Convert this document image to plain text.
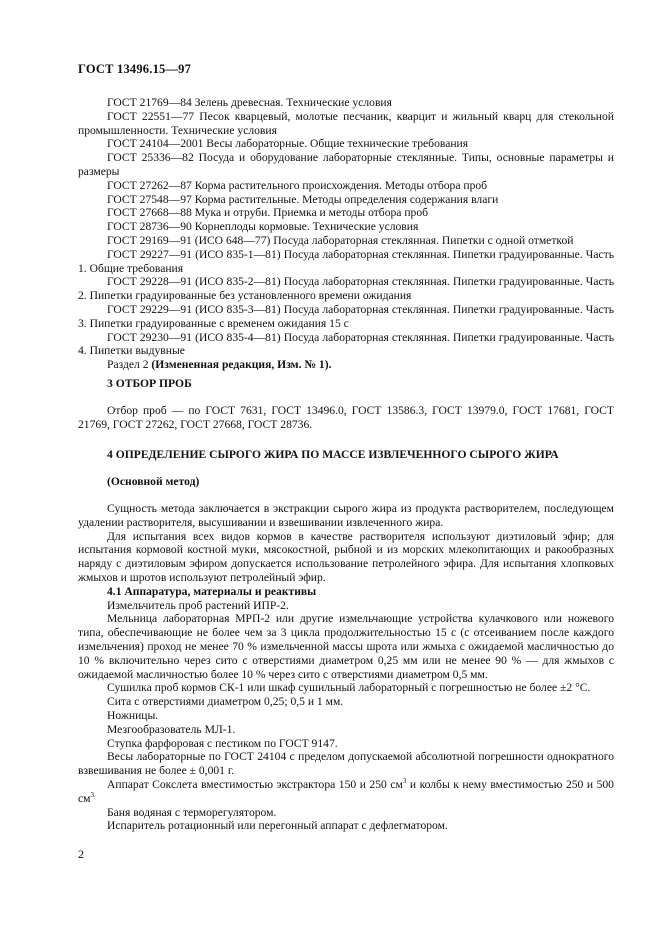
ГОСТ 13496.15—97

ГОСТ 21769—84 Зелень древесная. Технические условия

ГОСТ 22551—77 Песок кварцевый, молотые песчаник, кварцит и жильный кварц для стекольной промышленности. Технические условия

ГОСТ 24104—2001 Весы лабораторные. Общие технические требования

ГОСТ 25336—82 Посуда и оборудование лабораторные стеклянные. Типы, основные параметры и размеры

ГОСТ 27262—87 Корма растительного происхождения. Методы отбора проб

ГОСТ 27548—97 Корма растительные. Методы определения содержания влаги

ГОСТ 27668—88 Мука и отруби. Приемка и методы отбора проб

ГОСТ 28736—90 Корнеплоды кормовые. Технические условия

ГОСТ 29169—91 (ИСО 648—77) Посуда лабораторная стеклянная. Пипетки с одной отметкой

ГОСТ 29227—91 (ИСО 835-1—81) Посуда лабораторная стеклянная. Пипетки градуированные. Часть 1. Общие требования

ГОСТ 29228—91 (ИСО 835-2—81) Посуда лабораторная стеклянная. Пипетки градуированные. Часть 2. Пипетки градуированные без установленного времени ожидания

ГОСТ 29229—91 (ИСО 835-3—81) Посуда лабораторная стеклянная. Пипетки градуированные. Часть 3. Пипетки градуированные с временем ожидания 15 с

ГОСТ 29230—91 (ИСО 835-4—81) Посуда лабораторная стеклянная. Пипетки градуированные. Часть 4. Пипетки выдувные

Раздел 2 (Измененная редакция, Изм. № 1).

3 ОТБОР ПРОБ

Отбор проб — по ГОСТ 7631, ГОСТ 13496.0, ГОСТ 13586.3, ГОСТ 13979.0, ГОСТ 17681, ГОСТ 21769, ГОСТ 27262, ГОСТ 27668, ГОСТ 28736.

4 ОПРЕДЕЛЕНИЕ СЫРОГО ЖИРА ПО МАССЕ ИЗВЛЕЧЕННОГО СЫРОГО ЖИРА

(Основной метод)

Сущность метода заключается в экстракции сырого жира из продукта растворителем, последующем удалении растворителя, высушивании и взвешивании извлеченного жира.

Для испытания всех видов кормов в качестве растворителя используют диэтиловый эфир; для испытания кормовой костной муки, мясокостной, рыбной и из морских млекопитающих и ракообразных наряду с диэтиловым эфиром допускается использование петролейного эфира. Для испытания хлопковых жмыхов и шротов используют петролейный эфир.

4.1 Аппаратура, материалы и реактивы

Измельчитель проб растений ИПР-2.

Мельница лабораторная МРП-2 или другие измельчающие устройства кулачкового или ножевого типа, обеспечивающие не более чем за 3 цикла продолжительностью 15 с (с отсеиванием после каждого измельчения) проход не менее 70 % измельченной массы шрота или жмыха с ожидаемой масличностью до 10 % включительно через сито с отверстиями диаметром 0,25 мм или не менее 90 % — для жмыхов с ожидаемой масличностью более 10 % через сито с отверстиями диаметром 0,5 мм.

Сушилка проб кормов СК-1 или шкаф сушильный лабораторный с погрешностью не более ±2 °С.

Сита с отверстиями диаметром 0,25; 0,5 и 1 мм.

Ножницы.

Мезгообразователь МЛ-1.

Ступка фарфоровая с пестиком по ГОСТ 9147.

Весы лабораторные по ГОСТ 24104 с пределом допускаемой абсолютной погрешности однократного взвешивания не более ± 0,001 г.

Аппарат Сокслета вместимостью экстрактора 150 и 250 $см^3$ и колбы к нему вместимостью 250 и 500 $см^{3.}$

Баня водяная с терморегулятором.

Испаритель ротационный или перегонный аппарат с дефлегматором.

2
